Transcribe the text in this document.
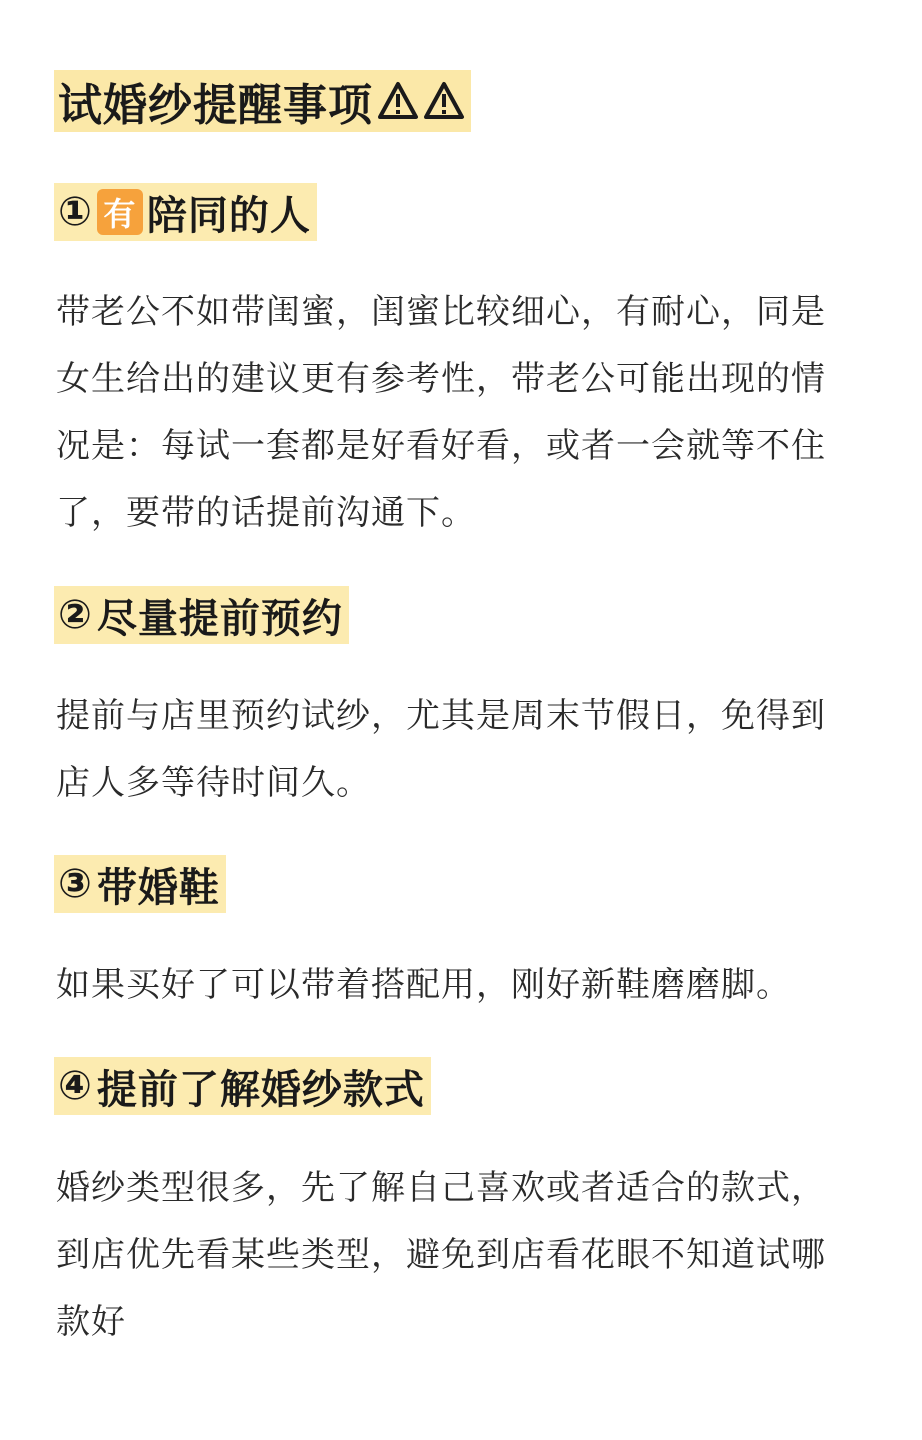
试婚纱提醒事项
① 有 陪同的人

带老公不如带闺蜜，闺蜜比较细心，有耐心，同是
女生给出的建议更有参考性，带老公可能出现的情
况是：每试一套都是好看好看，或者一会就等不住
了，要带的话提前沟通下。

② 尽量提前预约

提前与店里预约试纱，尤其是周末节假日，免得到
店人多等待时间久。

③ 带婚鞋

如果买好了可以带着搭配用，刚好新鞋磨磨脚。

④ 提前了解婚纱款式

婚纱类型很多，先了解自己喜欢或者适合的款式，
到店优先看某些类型，避免到店看花眼不知道试哪
款好
